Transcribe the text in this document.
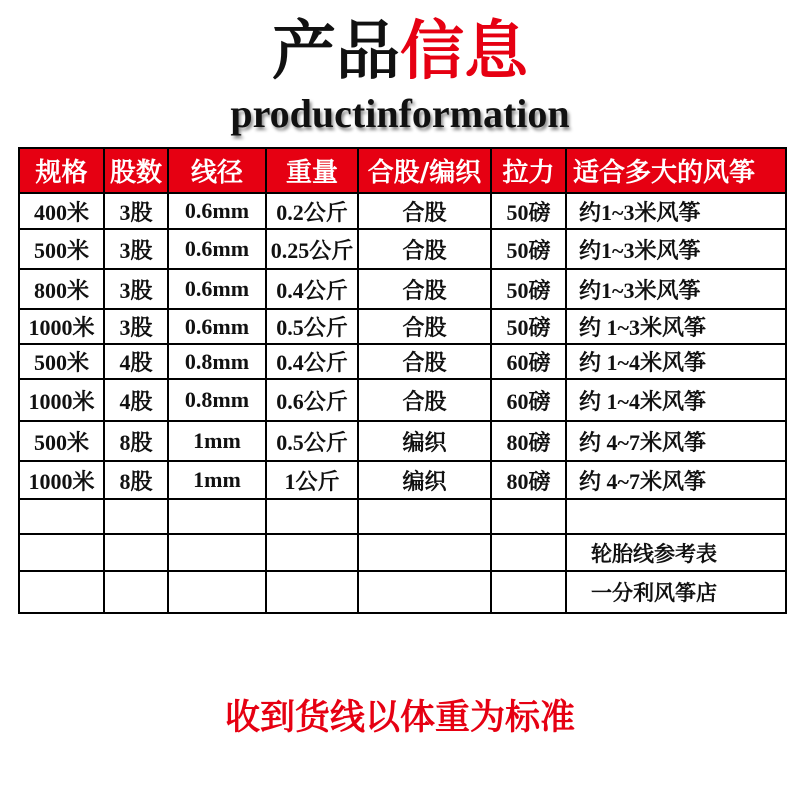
产品信息
productinformation
规格	股数	线径	重量	合股/编织	拉力	适合多大的风筝
400米	3股	0.6mm	0.2公斤	合股	50磅	约1~3米风筝
500米	3股	0.6mm	0.25公斤	合股	50磅	约1~3米风筝
800米	3股	0.6mm	0.4公斤	合股	50磅	约1~3米风筝
1000米	3股	0.6mm	0.5公斤	合股	50磅	约 1~3米风筝
500米	4股	0.8mm	0.4公斤	合股	60磅	约 1~4米风筝
1000米	4股	0.8mm	0.6公斤	合股	60磅	约 1~4米风筝
500米	8股	1mm	0.5公斤	编织	80磅	约 4~7米风筝
1000米	8股	1mm	1公斤	编织	80磅	约 4~7米风筝

						轮胎线参考表
						一分利风筝店
收到货线以体重为标准
